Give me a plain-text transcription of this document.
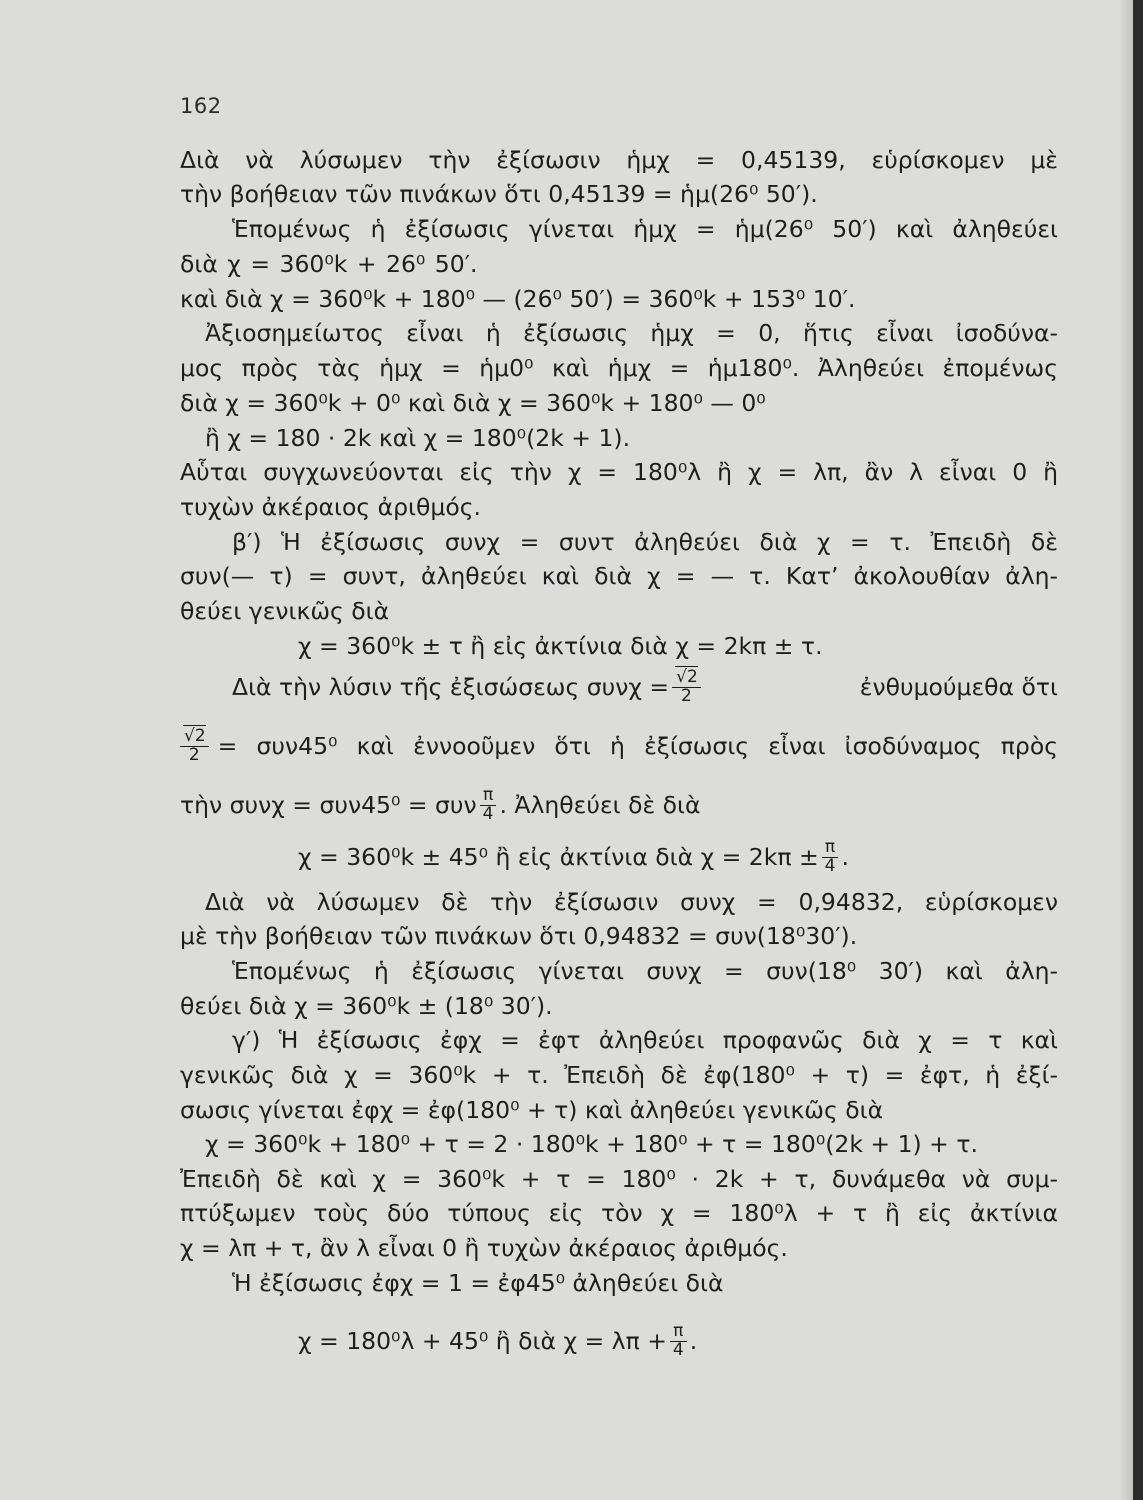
162
Διὰ νὰ λύσωμεν τὴν ἐξίσωσιν ἡμχ = 0,45139, εὑρίσκομεν μὲ
τὴν βοήθειαν τῶν πινάκων ὅτι 0,45139 = ἡμ(26⁰ 50′).
Ἑπομένως ἡ ἐξίσωσις γίνεται ἡμχ = ἡμ(26⁰ 50′) καὶ ἀληθεύει
διὰ χ = 360⁰k + 26⁰ 50′.
καὶ διὰ χ = 360⁰k + 180⁰ — (26⁰ 50′) = 360⁰k + 153⁰ 10′.
Ἀξιοσημείωτος εἶναι ἡ ἐξίσωσις ἡμχ = 0, ἥτις εἶναι ἰσοδύνα-
μος πρὸς τὰς ἡμχ = ἡμ0⁰ καὶ ἡμχ = ἡμ180⁰. Ἀληθεύει ἐπομένως
διὰ χ = 360⁰k + 0⁰ καὶ διὰ χ = 360⁰k + 180⁰ — 0⁰
ἢ χ = 180 · 2k καὶ χ = 180⁰(2k + 1).
Αὗται συγχωνεύονται εἰς τὴν χ = 180⁰λ ἢ χ = λπ, ἂν λ εἶναι 0 ἢ
τυχὼν ἀκέραιος ἀριθμός.
β′) Ἡ ἐξίσωσις συνχ = συντ ἀληθεύει διὰ χ = τ. Ἐπειδὴ δὲ
συν(— τ) = συντ, ἀληθεύει καὶ διὰ χ = — τ. Κατ’ ἀκολουθίαν ἀλη-
θεύει γενικῶς διὰ
χ = 360⁰k ± τ ἢ εἰς ἀκτίνια διὰ χ = 2kπ ± τ.
Διὰ τὴν λύσιν τῆς ἐξισώσεως $\sigma\upsilon\nu\chi = \frac{√2}{2}$	ἐνθυμούμεθα ὅτι
$\frac{√2}{2} = \sigma\upsilon\nu 45^0$ καὶ ἐννοοῦμεν ὅτι ἡ ἐξίσωσις εἶναι ἰσοδύναμος πρὸς
τὴν συνχ = συν45⁰ = συν $\frac{\pi}{4}$ . Ἀληθεύει δὲ διὰ
χ = 360⁰k ± 45⁰ ἢ εἰς ἀκτίνια διὰ $\chi = 2k\pi \pm \frac{\pi}{4}$ .
Διὰ νὰ λύσωμεν δὲ τὴν ἐξίσωσιν συνχ = 0,94832, εὑρίσκομεν
μὲ τὴν βοήθειαν τῶν πινάκων ὅτι 0,94832 = συν(18⁰30′).
Ἑπομένως ἡ ἐξίσωσις γίνεται συνχ = συν(18⁰ 30′) καὶ ἀλη-
θεύει διὰ χ = 360⁰k ± (18⁰ 30′).
γ′) Ἡ ἐξίσωσις ἐφχ = ἐφτ ἀληθεύει προφανῶς διὰ χ = τ καὶ
γενικῶς διὰ χ = 360⁰k + τ. Ἐπειδὴ δὲ ἐφ(180⁰ + τ) = ἐφτ, ἡ ἐξί-
σωσις γίνεται ἐφχ = ἐφ(180⁰ + τ) καὶ ἀληθεύει γενικῶς διὰ
χ = 360⁰k + 180⁰ + τ = 2 · 180⁰k + 180⁰ + τ = 180⁰(2k + 1) + τ.
Ἐπειδὴ δὲ καὶ χ = 360⁰k + τ = 180⁰ · 2k + τ, δυνάμεθα νὰ συμ-
πτύξωμεν τοὺς δύο τύπους εἰς τὸν χ = 180⁰λ + τ ἢ εἰς ἀκτίνια
χ = λπ + τ, ἂν λ εἶναι 0 ἢ τυχὼν ἀκέραιος ἀριθμός.
Ἡ ἐξίσωσις ἐφχ = 1 = ἐφ45⁰ ἀληθεύει διὰ
χ = 180⁰λ + 45⁰ ἢ διὰ $\chi = \lambda\pi + \frac{\pi}{4}$ .
